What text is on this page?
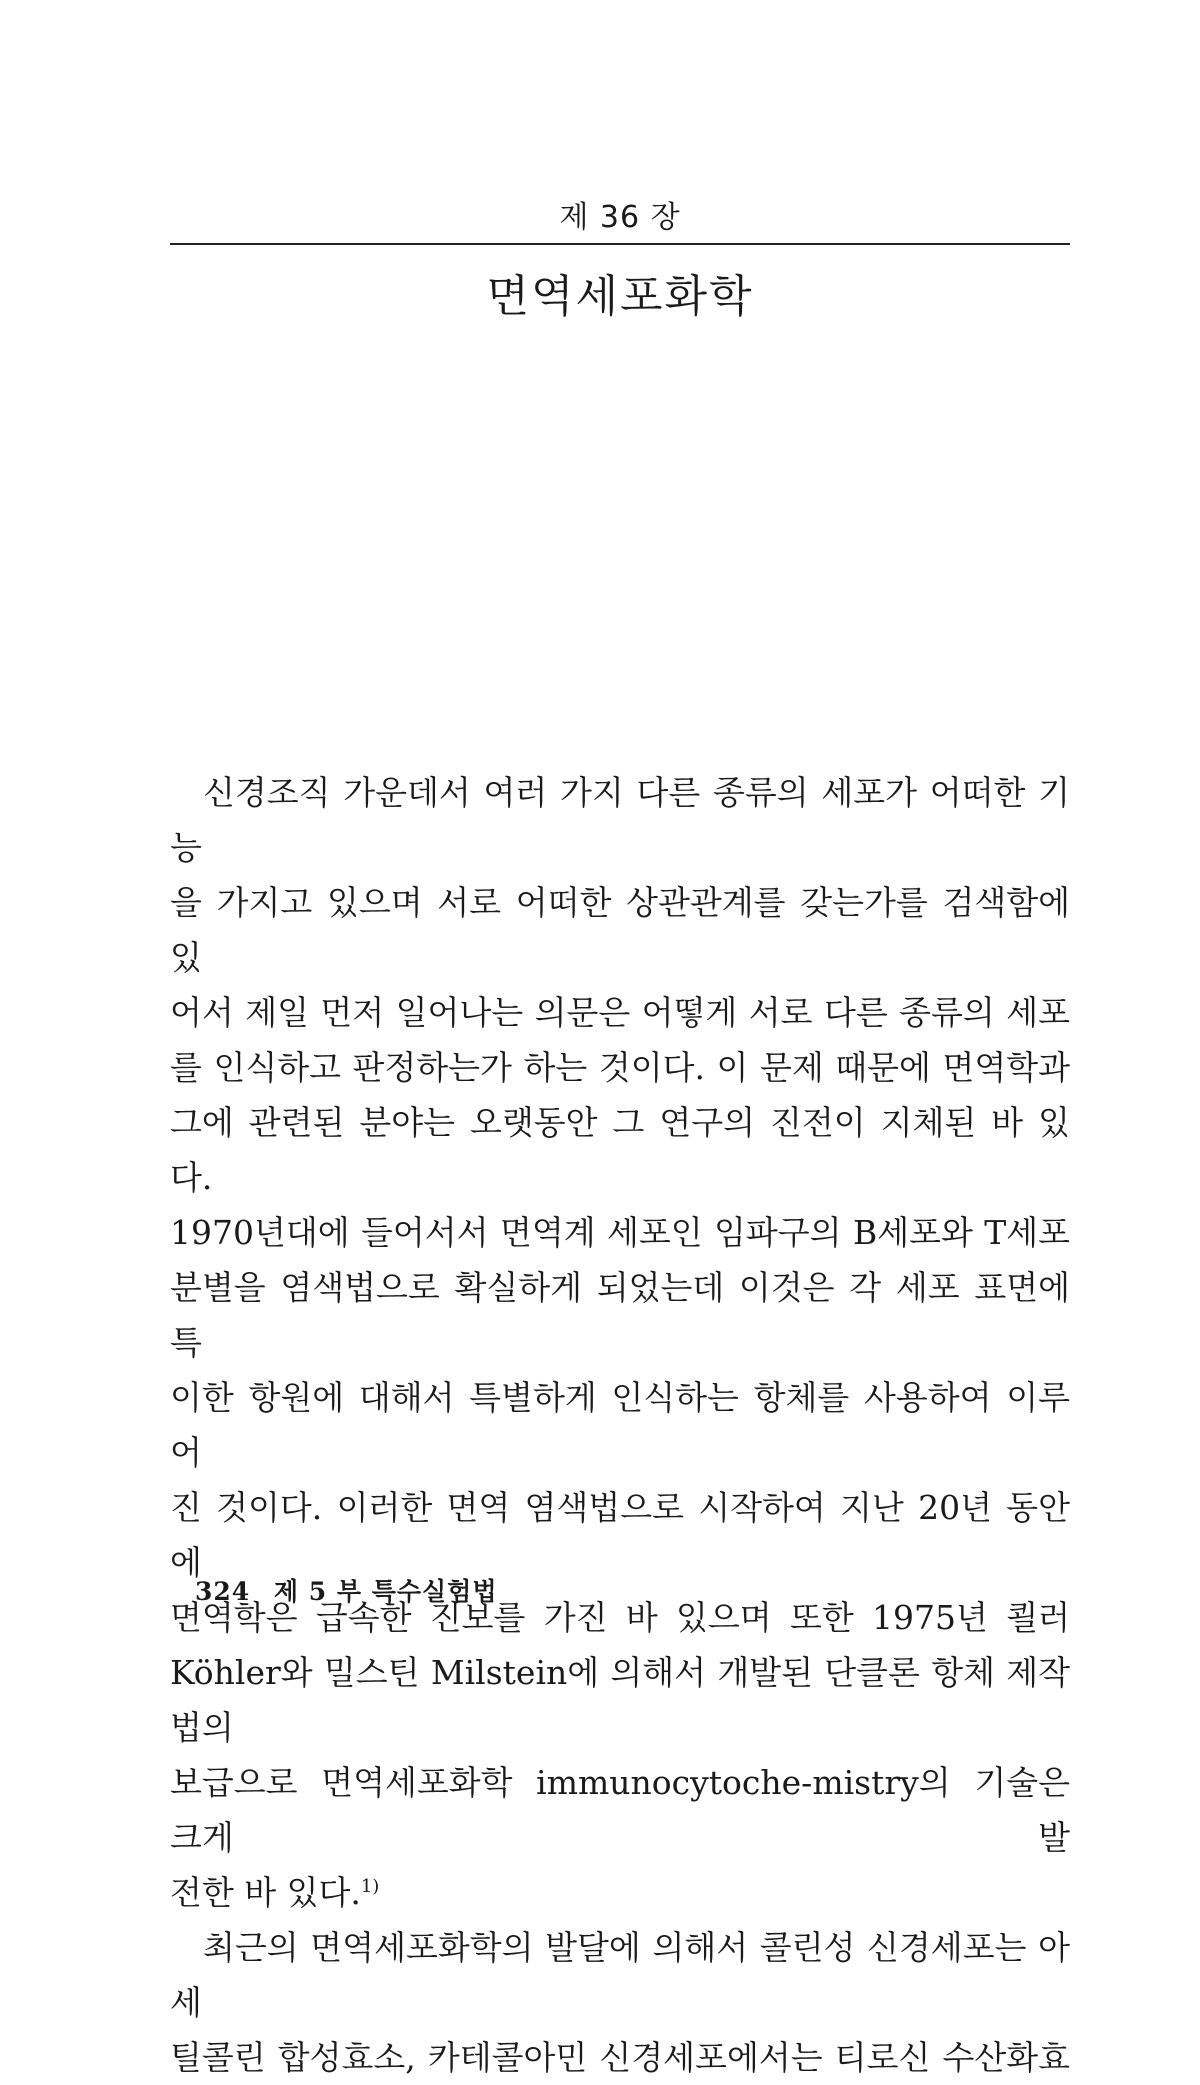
제 36 장
면역세포화학
신경조직 가운데서 여러 가지 다른 종류의 세포가 어떠한 기능
을 가지고 있으며 서로 어떠한 상관관계를 갖는가를 검색함에 있
어서 제일 먼저 일어나는 의문은 어떻게 서로 다른 종류의 세포
를 인식하고 판정하는가 하는 것이다. 이 문제 때문에 면역학과
그에 관련된 분야는 오랫동안 그 연구의 진전이 지체된 바 있다.
1970년대에 들어서서 면역계 세포인 임파구의 B세포와 T세포
분별을 염색법으로 확실하게 되었는데 이것은 각 세포 표면에 특
이한 항원에 대해서 특별하게 인식하는 항체를 사용하여 이루어
진 것이다. 이러한 면역 염색법으로 시작하여 지난 20년 동안에
면역학은 급속한 진보를 가진 바 있으며 또한 1975년 쾰러
Köhler와 밀스틴 Milstein에 의해서 개발된 단클론 항체 제작법의
보급으로 면역세포화학 immunocytoche-mistry의 기술은 크게 발
전한 바 있다.$^{1)}$
최근의 면역세포화학의 발달에 의해서 콜린성 신경세포는 아세
틸콜린 합성효소, 카테콜아민 신경세포에서는 티로신 수산화효
324 제 5 부 특수실험법
